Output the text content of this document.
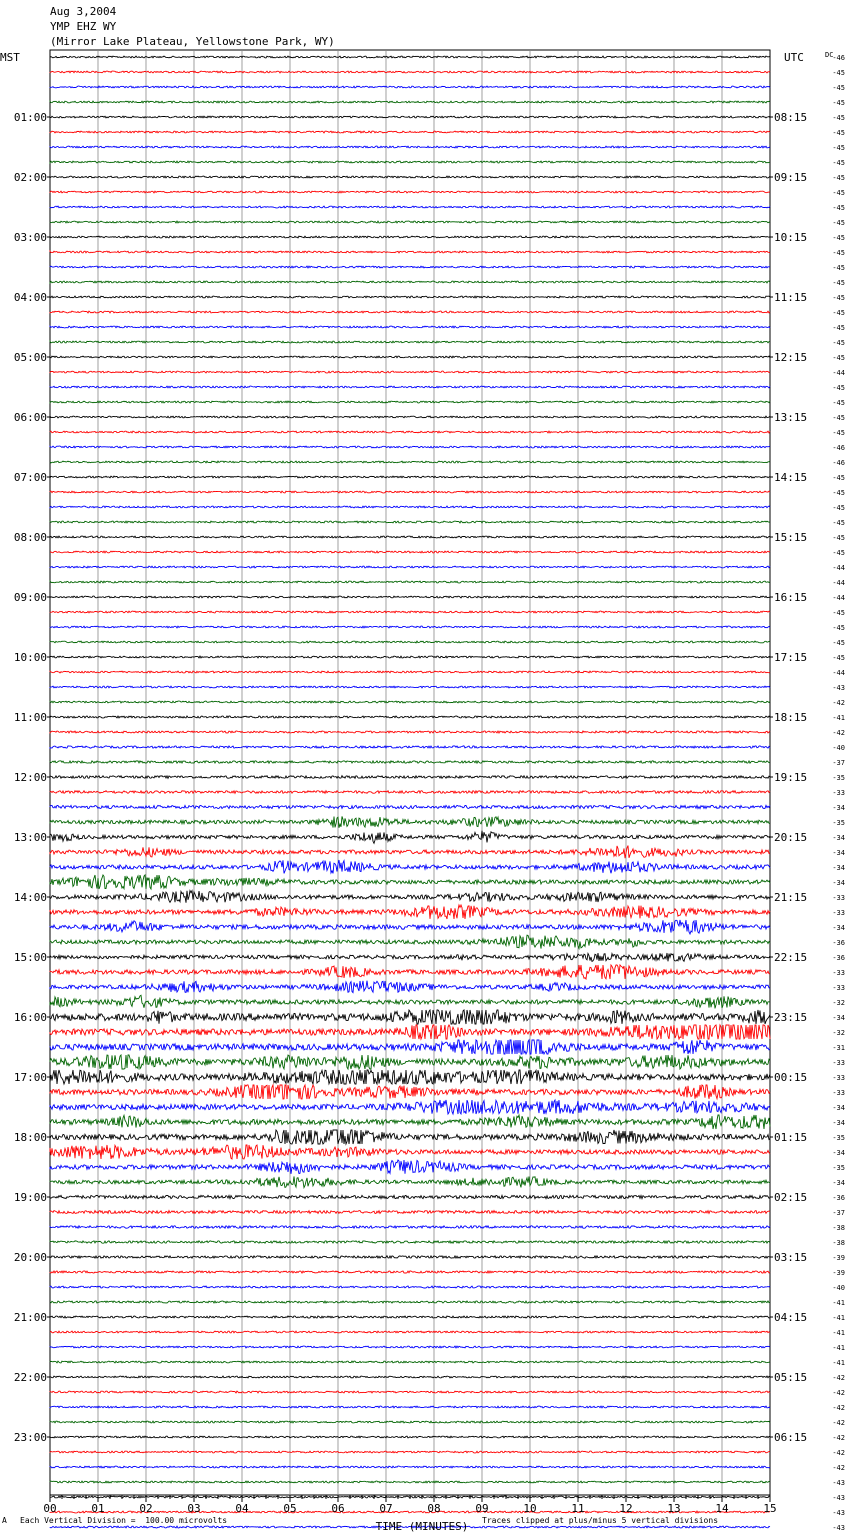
Aug 3,2004
YMP EHZ WY
(Mirror Lake Plateau, Yellowstone Park, WY)
-46
-45
-45
-45
-45
-45
-45
-45
-45
-45
-45
-45
-45
-45
-45
-45
-45
-45
-45
-45
-45
-44
-45
-45
-45
-45
-46
-46
-45
-45
-45
-45
-45
-45
-44
-44
-44
-45
-45
-45
-45
-44
-43
-42
-41
-42
-40
-37
-35
-33
-34
-35
-34
-34
-34
-34
-33
-33
-34
-36
-36
-33
-33
-32
-34
-32
-31
-33
-33
-33
-34
-34
-35
-34
-35
-34
-36
-37
-38
-38
-39
-39
-40
-41
-41
-41
-41
-41
-42
-42
-42
-42
-42
-42
-42
-43
-43
-43
-43
01:00
02:00
03:00
04:00
05:00
06:00
07:00
08:00
09:00
10:00
11:00
12:00
13:00
14:00
15:00
16:00
17:00
18:00
19:00
20:00
21:00
22:00
23:00
08:15
09:15
10:15
11:15
12:15
13:15
14:15
15:15
16:15
17:15
18:15
19:15
20:15
21:15
22:15
23:15
00:15
01:15
02:15
03:15
04:15
05:15
06:15
MST	UTC	DC
00	01	02	03	04	05	06	07	08	09	10	11	12	13	14	15
TIME (MINUTES)
A Each Vertical Division =  100.00 microvolts	Traces clipped at plus/minus 5 vertical divisions
